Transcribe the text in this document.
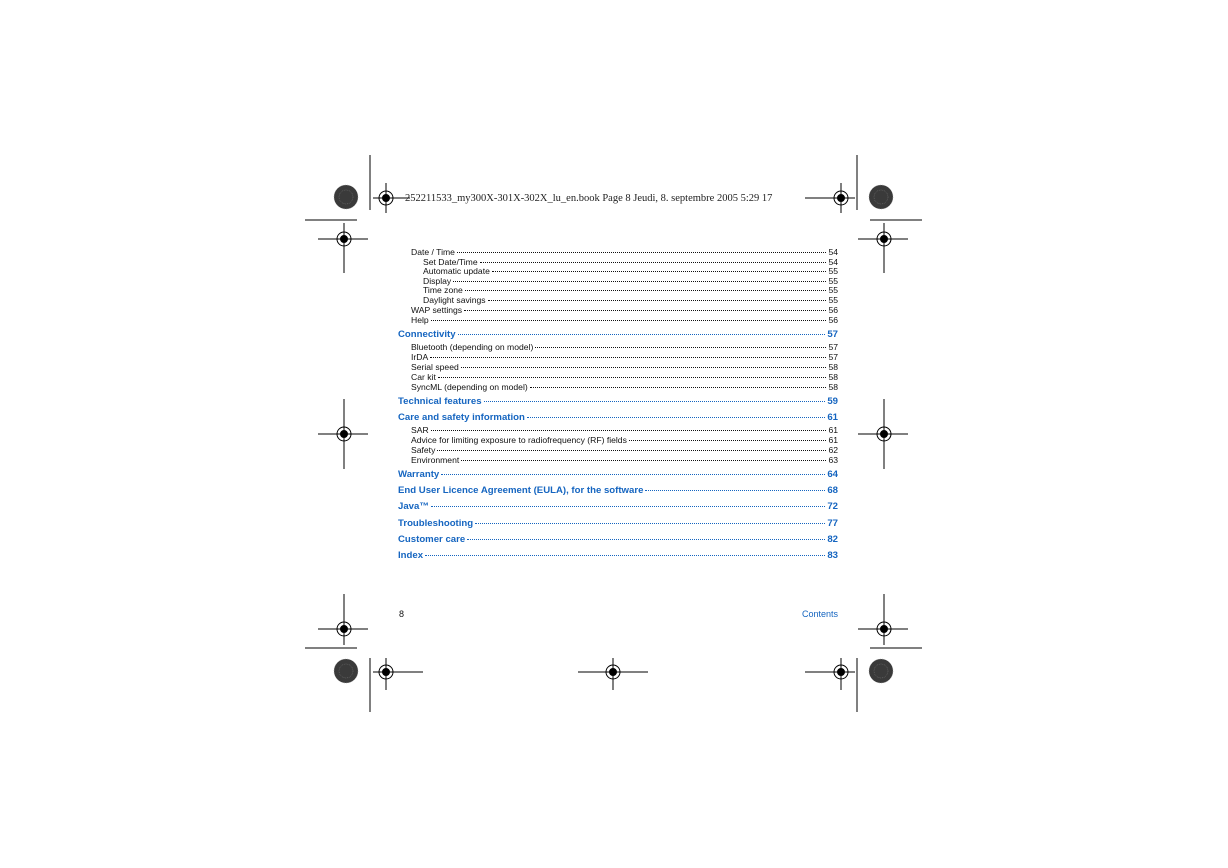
252211533_my300X-301X-302X_lu_en.book Page 8 Jeudi, 8. septembre 2005 5:29 17
Date / Time	54
Set Date/Time	54
Automatic update	55
Display	55
Time zone	55
Daylight savings	55
WAP settings	56
Help	56
Connectivity	57
Bluetooth (depending on model)	57
IrDA	57
Serial speed	58
Car kit	58
SyncML (depending on model)	58
Technical features	59
Care and safety information	61
SAR	61
Advice for limiting exposure to radiofrequency (RF) fields	61
Safety	62
Environment	63
Warranty	64
End User Licence Agreement (EULA), for the software	68
Java™	72
Troubleshooting	77
Customer care	82
Index	83
8	Contents
